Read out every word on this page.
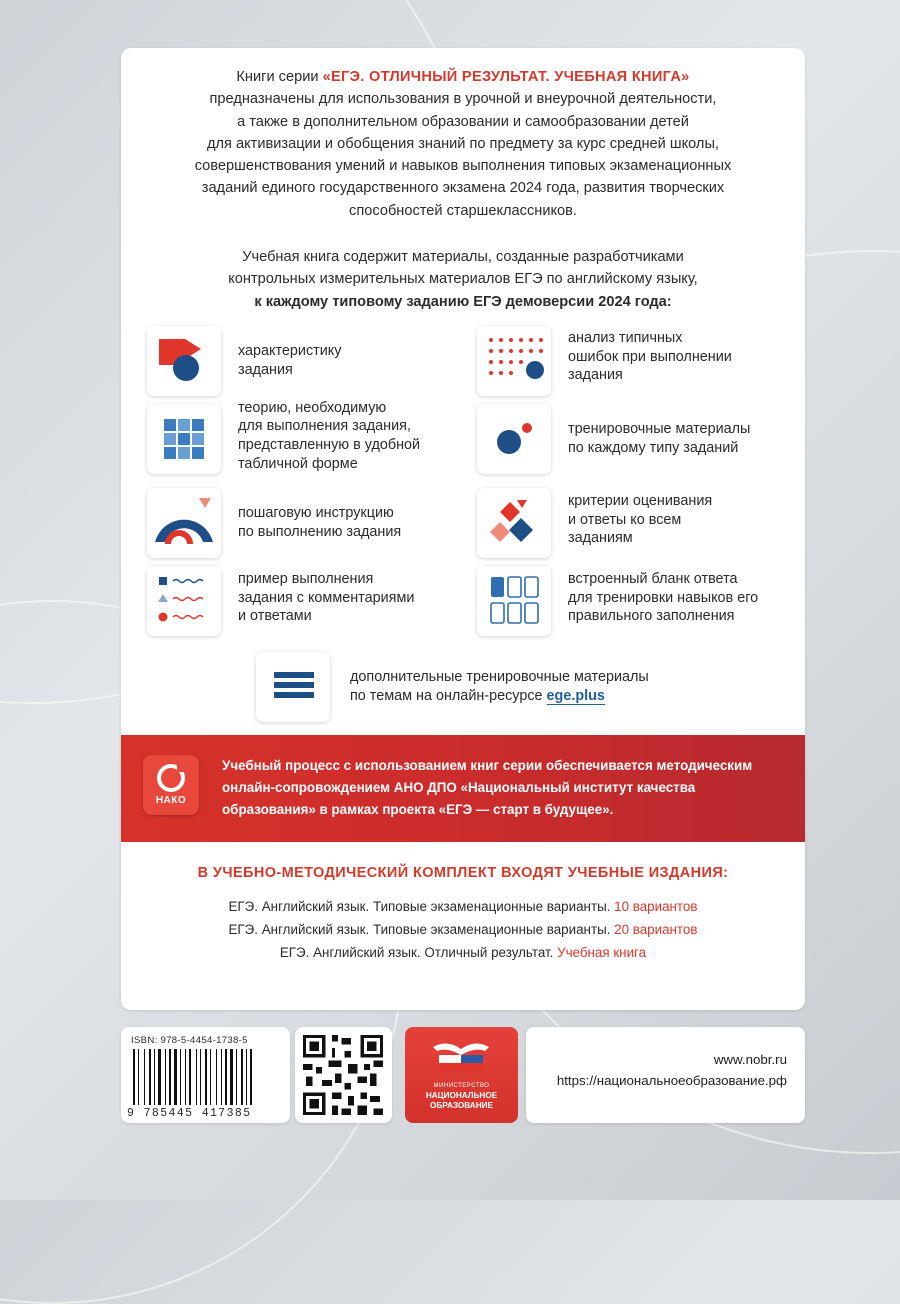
Книги серии «ЕГЭ. ОТЛИЧНЫЙ РЕЗУЛЬТАТ. УЧЕБНАЯ КНИГА»
предназначены для использования в урочной и внеурочной деятельности,
а также в дополнительном образовании и самообразовании детей
для активизации и обобщения знаний по предмету за курс средней школы,
совершенствования умений и навыков выполнения типовых экзаменационных
заданий единого государственного экзамена 2024 года, развития творческих
способностей старшеклассников.
Учебная книга содержит материалы, созданные разработчиками
контрольных измерительных материалов ЕГЭ по английскому языку,
к каждому типовому заданию ЕГЭ демоверсии 2024 года:
характеристику
задания
анализ типичных
ошибок при выполнении
задания
теорию, необходимую
для выполнения задания,
представленную в удобной
табличной форме
тренировочные материалы
по каждому типу заданий
пошаговую инструкцию
по выполнению задания
критерии оценивания
и ответы ко всем
заданиям
пример выполнения
задания с комментариями
и ответами
встроенный бланк ответа
для тренировки навыков его
правильного заполнения
дополнительные тренировочные материалы
по темам на онлайн-ресурсе ege.plus
НАКО
Учебный процесс с использованием книг серии обеспечивается методическим
онлайн-сопровождением АНО ДПО «Национальный институт качества
образования» в рамках проекта «ЕГЭ — старт в будущее».
В УЧЕБНО-МЕТОДИЧЕСКИЙ КОМПЛЕКТ ВХОДЯТ УЧЕБНЫЕ ИЗДАНИЯ:
ЕГЭ. Английский язык. Типовые экзаменационные варианты. 10 вариантов
ЕГЭ. Английский язык. Типовые экзаменационные варианты. 20 вариантов
ЕГЭ. Английский язык. Отличный результат. Учебная книга
ISBN: 978-5-4454-1738-5
9 785445 417385
МИНИСТЕРСТВО
НАЦИОНАЛЬНОЕ ОБРАЗОВАНИЕ
www.nobr.ru
https://национальноеобразование.рф
